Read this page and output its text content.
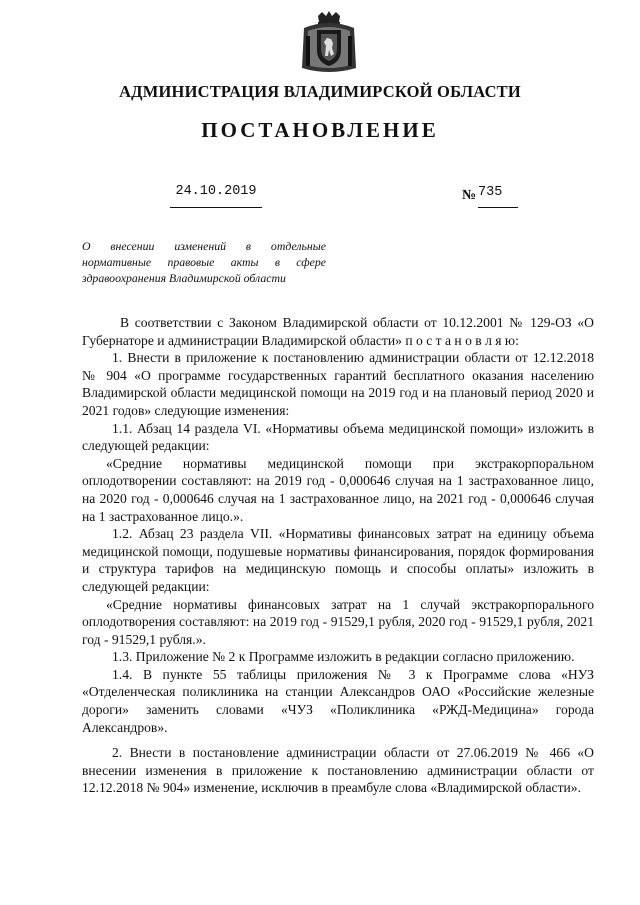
АДМИНИСТРАЦИЯ ВЛАДИМИРСКОЙ ОБЛАСТИ
ПОСТАНОВЛЕНИЕ
24.10.2019	№ 735
О внесении изменений в отдельные нормативные правовые акты в сфере здравоохранения Владимирской области

В соответствии с Законом Владимирской области от 10.12.2001 № 129-ОЗ «О Губернаторе и администрации Владимирской области» п о с т а н о в л я ю:

1. Внести в приложение к постановлению администрации области от 12.12.2018 № 904 «О программе государственных гарантий бесплатного оказания населению Владимирской области медицинской помощи на 2019 год и на плановый период 2020 и 2021 годов» следующие изменения:

1.1. Абзац 14 раздела VI. «Нормативы объема медицинской помощи» изложить в следующей редакции:

«Средние нормативы медицинской помощи при экстракорпоральном оплодотворении составляют: на 2019 год - 0,000646 случая на 1 застрахованное лицо, на 2020 год - 0,000646 случая на 1 застрахованное лицо, на 2021 год - 0,000646 случая на 1 застрахованное лицо.».

1.2. Абзац 23 раздела VII. «Нормативы финансовых затрат на единицу объема медицинской помощи, подушевые нормативы финансирования, порядок формирования и структура тарифов на медицинскую помощь и способы оплаты» изложить в следующей редакции:

«Средние нормативы финансовых затрат на 1 случай экстракорпорального оплодотворения составляют: на 2019 год - 91529,1 рубля, 2020 год - 91529,1 рубля, 2021 год - 91529,1 рубля.».

1.3. Приложение № 2 к Программе изложить в редакции согласно приложению.

1.4. В пункте 55 таблицы приложения № 3 к Программе слова «НУЗ «Отделенческая поликлиника на станции Александров ОАО «Российские железные дороги» заменить словами «ЧУЗ «Поликлиника «РЖД-Медицина» города Александров».

2. Внести в постановление администрации области от 27.06.2019 № 466 «О внесении изменения в приложение к постановлению администрации области от 12.12.2018 № 904» изменение, исключив в преамбуле слова «Владимирской области».
